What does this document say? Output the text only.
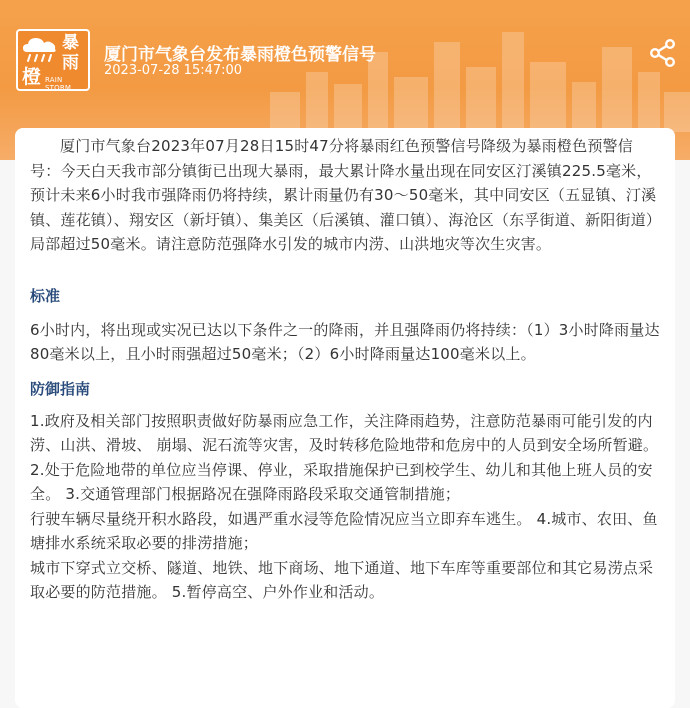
暴
雨
橙 RAIN STORM
厦门市气象台发布暴雨橙色预警信号
2023-07-28 15:47:00

厦门市气象台2023年07月28日15时47分将暴雨红色预警信号降级为暴雨橙色预警信号：今天白天我市部分镇街已出现大暴雨，最大累计降水量出现在同安区汀溪镇225.5毫米，预计未来6小时我市强降雨仍将持续，累计雨量仍有30～50毫米，其中同安区（五显镇、汀溪镇、莲花镇）、翔安区（新圩镇）、集美区（后溪镇、灌口镇）、海沧区（东孚街道、新阳街道）局部超过50毫米。请注意防范强降水引发的城市内涝、山洪地灾等次生灾害。

标准

6小时内，将出现或实况已达以下条件之一的降雨，并且强降雨仍将持续：（1）3小时降雨量达80毫米以上，且小时雨强超过50毫米；（2）6小时降雨量达100毫米以上。

防御指南

1.政府及相关部门按照职责做好防暴雨应急工作，关注降雨趋势，注意防范暴雨可能引发的内涝、山洪、滑坡、 崩塌、泥石流等灾害，及时转移危险地带和危房中的人员到安全场所暂避。 2.处于危险地带的单位应当停课、停业，采取措施保护已到校学生、幼儿和其他上班人员的安全。 3.交通管理部门根据路况在强降雨路段采取交通管制措施；

行驶车辆尽量绕开积水路段，如遇严重水浸等危险情况应当立即弃车逃生。 4.城市、农田、鱼塘排水系统采取必要的排涝措施；

城市下穿式立交桥、隧道、地铁、地下商场、地下通道、地下车库等重要部位和其它易涝点采取必要的防范措施。 5.暂停高空、户外作业和活动。
